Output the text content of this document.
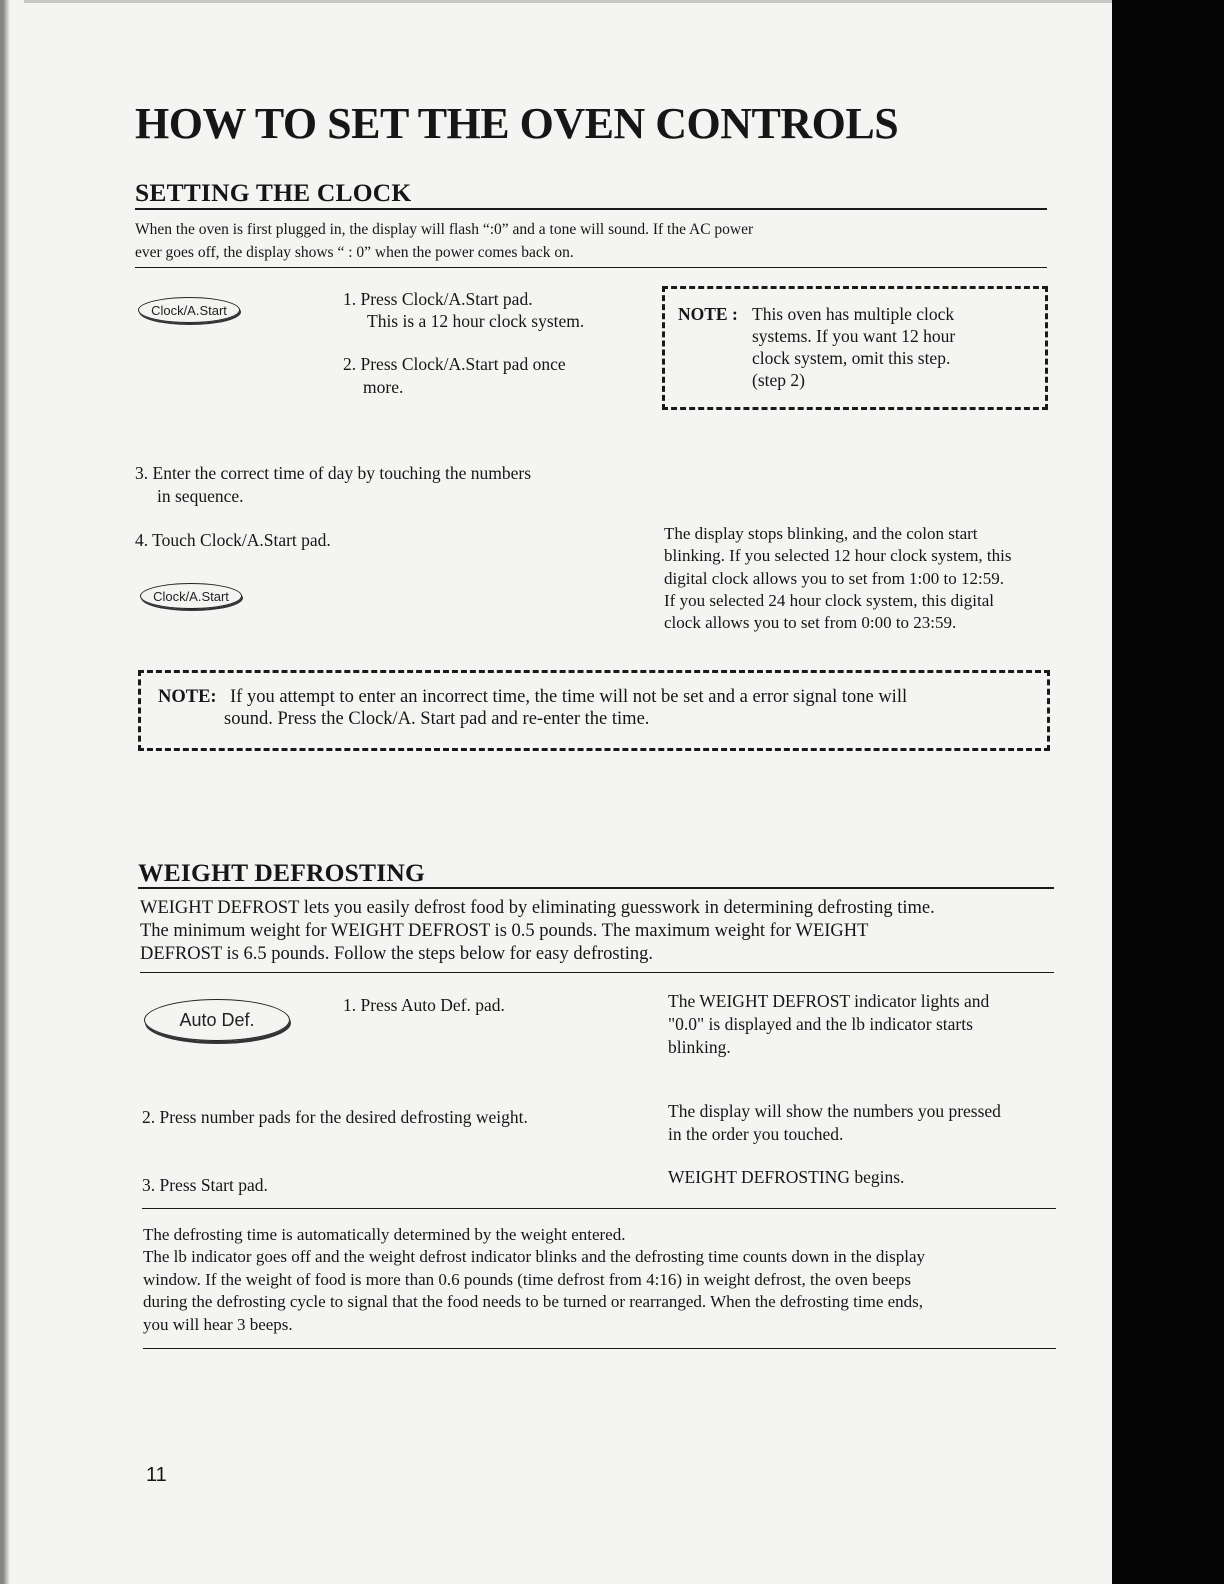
HOW TO SET THE OVEN CONTROLS
SETTING THE CLOCK
When the oven is first plugged in, the display will flash “:0” and a tone will sound. If the AC power
ever goes off, the display shows “ : 0” when the power comes back on.
Clock/A.Start
1. Press Clock/A.Start pad.
This is a 12 hour clock system.
2. Press Clock/A.Start pad once
more.
NOTE : This oven has multiple clock
systems. If you want 12 hour
clock system, omit this step.
(step 2)
3. Enter the correct time of day by touching the numbers
in sequence.
4. Touch Clock/A.Start pad.
Clock/A.Start
The display stops blinking, and the colon start
blinking. If you selected 12 hour clock system, this
digital clock allows you to set from 1:00 to 12:59.
If you selected 24 hour clock system, this digital
clock allows you to set from 0:00 to 23:59.
NOTE: If you attempt to enter an incorrect time, the time will not be set and a error signal tone will
sound. Press the Clock/A. Start pad and re-enter the time.
WEIGHT DEFROSTING
WEIGHT DEFROST lets you easily defrost food by eliminating guesswork in determining defrosting time.
The minimum weight for WEIGHT DEFROST is 0.5 pounds. The maximum weight for WEIGHT
DEFROST is 6.5 pounds. Follow the steps below for easy defrosting.
Auto Def.
1. Press Auto Def. pad.	The WEIGHT DEFROST indicator lights and
"0.0" is displayed and the lb indicator starts
blinking.
2. Press number pads for the desired defrosting weight.	The display will show the numbers you pressed
in the order you touched.
3. Press Start pad.	WEIGHT DEFROSTING begins.
The defrosting time is automatically determined by the weight entered.
The lb indicator goes off and the weight defrost indicator blinks and the defrosting time counts down in the display
window. If the weight of food is more than 0.6 pounds (time defrost from 4:16) in weight defrost, the oven beeps
during the defrosting cycle to signal that the food needs to be turned or rearranged. When the defrosting time ends,
you will hear 3 beeps.
11
